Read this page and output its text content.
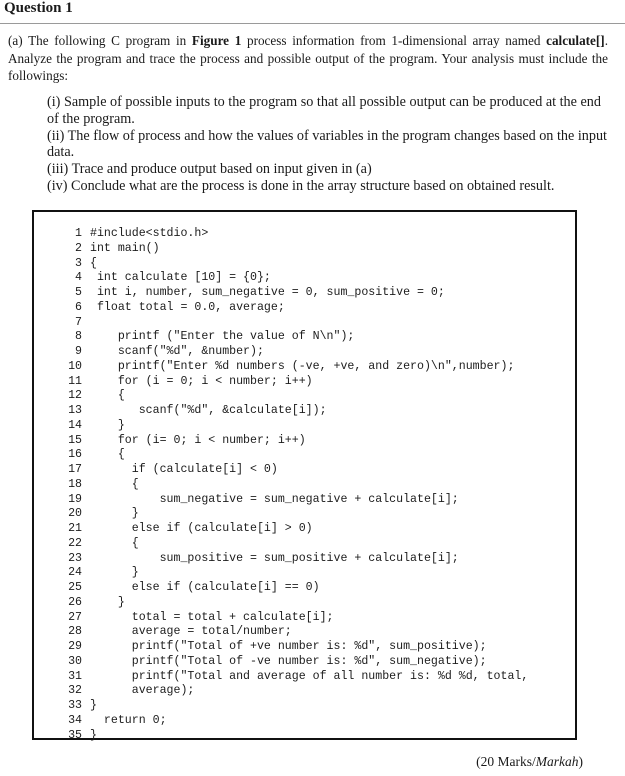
Question 1

(a) The following C program in Figure 1 process information from 1-dimensional array named calculate[]. Analyze the program and trace the process and possible output of the program. Your analysis must include the followings:

(i) Sample of possible inputs to the program so that all possible output can be produced at the end of the program.

(ii) The flow of process and how the values of variables in the program changes based on the input data.

(iii) Trace and produce output based on input given in (a)

(iv) Conclude what are the process is done in the array structure based on obtained result.

1 #include<stdio.h>
2 int main()
3 {
4 int calculate [10] = {0};
5 int i, number, sum_negative = 0, sum_positive = 0;
6 float total = 0.0, average;
7
8    printf ("Enter the value of N\n");
9    scanf("%d", &number);
10    printf("Enter %d numbers (-ve, +ve, and zero)\n",number);
11    for (i = 0; i < number; i++)
12    {
13       scanf("%d", &calculate[i]);
14    }
15    for (i= 0; i < number; i++)
16    {
17      if (calculate[i] < 0)
18      {
19          sum_negative = sum_negative + calculate[i];
20      }
21      else if (calculate[i] > 0)
22      {
23          sum_positive = sum_positive + calculate[i];
24      }
25      else if (calculate[i] == 0)
26    }
27      total = total + calculate[i];
28      average = total/number;
29      printf("Total of +ve number is: %d", sum_positive);
30      printf("Total of -ve number is: %d", sum_negative);
31      printf("Total and average of all number is: %d %d, total,
32      average);
33 }
34  return 0;
35 }
(20 Marks/Markah)
